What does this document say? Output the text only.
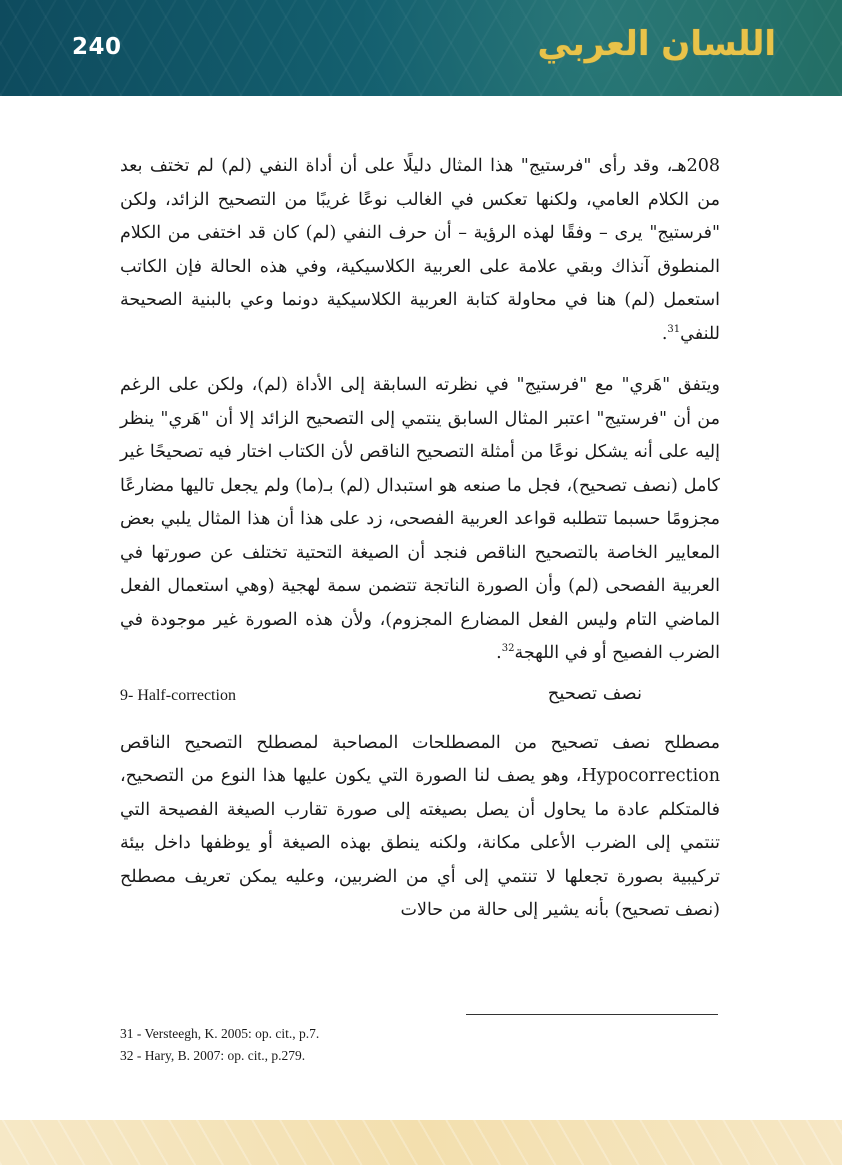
240	اللسان العربي

208هـ، وقد رأى "فرستيج" هذا المثال دليلًا على أن أداة النفي (لم) لم تختف بعد من الكلام العامي، ولكنها تعكس في الغالب نوعًا غريبًا من التصحيح الزائد، ولكن "فرستيج" يرى – وفقًا لهذه الرؤية – أن حرف النفي (لم) كان قد اختفى من الكلام المنطوق آنذاك وبقي علامة على العربية الكلاسيكية، وفي هذه الحالة فإن الكاتب استعمل (لم) هنا في محاولة كتابة العربية الكلاسيكية دونما وعي بالبنية الصحيحة للنفي$^{31}$.

ويتفق "هَري" مع "فرستيج" في نظرته السابقة إلى الأداة (لم)، ولكن على الرغم من أن "فرستيج" اعتبر المثال السابق ينتمي إلى التصحيح الزائد إلا أن "هَري" ينظر إليه على أنه يشكل نوعًا من أمثلة التصحيح الناقص لأن الكتاب اختار فيه تصحيحًا غير كامل (نصف تصحيح)، فجل ما صنعه هو استبدال (لم) بـ(ما) ولم يجعل تاليها مضارعًا مجزومًا حسبما تتطلبه قواعد العربية الفصحى، زد على هذا أن هذا المثال يلبي بعض المعايير الخاصة بالتصحيح الناقص فنجد أن الصيغة التحتية تختلف عن صورتها في العربية الفصحى (لم) وأن الصورة الناتجة تتضمن سمة لهجية (وهي استعمال الفعل الماضي التام وليس الفعل المضارع المجزوم)، ولأن هذه الصورة غير موجودة في الضرب الفصيح أو في اللهجة$^{32}$.

9- Half-correction	نصف تصحيح

مصطلح نصف تصحيح من المصطلحات المصاحبة لمصطلح التصحيح الناقص Hypocorrection، وهو يصف لنا الصورة التي يكون عليها هذا النوع من التصحيح، فالمتكلم عادة ما يحاول أن يصل بصيغته إلى صورة تقارب الصيغة الفصيحة التي تنتمي إلى الضرب الأعلى مكانة، ولكنه ينطق بهذه الصيغة أو يوظفها داخل بيئة تركيبية بصورة تجعلها لا تنتمي إلى أي من الضربين، وعليه يمكن تعريف مصطلح (نصف تصحيح) بأنه يشير إلى حالة من حالات

31 - Versteegh, K. 2005: op. cit., p.7.
32 - Hary, B. 2007: op. cit., p.279.
